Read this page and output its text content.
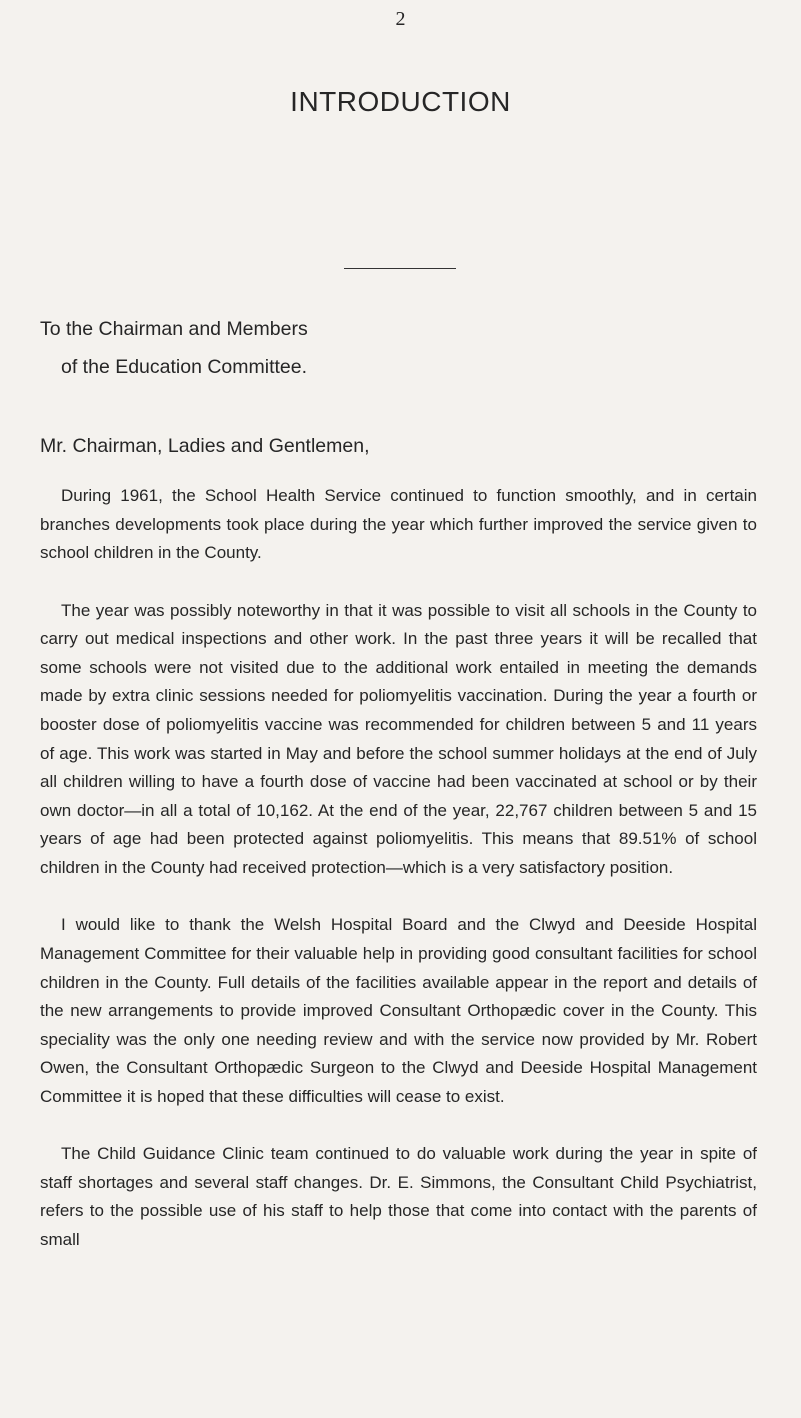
2
INTRODUCTION
To the Chairman and Members
of the Education Committee.
Mr. Chairman, Ladies and Gentlemen,

During 1961, the School Health Service continued to function smoothly, and in certain branches developments took place during the year which further improved the service given to school children in the County.

The year was possibly noteworthy in that it was possible to visit all schools in the County to carry out medical inspections and other work. In the past three years it will be recalled that some schools were not visited due to the additional work entailed in meeting the demands made by extra clinic sessions needed for poliomyelitis vaccination. During the year a fourth or booster dose of poliomyelitis vaccine was recommended for children between 5 and 11 years of age. This work was started in May and before the school summer holidays at the end of July all children willing to have a fourth dose of vaccine had been vaccinated at school or by their own doctor—in all a total of 10,162. At the end of the year, 22,767 children between 5 and 15 years of age had been protected against poliomyelitis. This means that 89.51% of school children in the County had received protection—which is a very satisfactory position.

I would like to thank the Welsh Hospital Board and the Clwyd and Deeside Hospital Management Committee for their valuable help in providing good consultant facilities for school children in the County. Full details of the facilities available appear in the report and details of the new arrangements to provide improved Consultant Orthopædic cover in the County. This speciality was the only one needing review and with the service now provided by Mr. Robert Owen, the Consultant Orthopædic Surgeon to the Clwyd and Deeside Hospital Management Committee it is hoped that these difficulties will cease to exist.

The Child Guidance Clinic team continued to do valuable work during the year in spite of staff shortages and several staff changes. Dr. E. Simmons, the Consultant Child Psychiatrist, refers to the possible use of his staff to help those that come into contact with the parents of small
